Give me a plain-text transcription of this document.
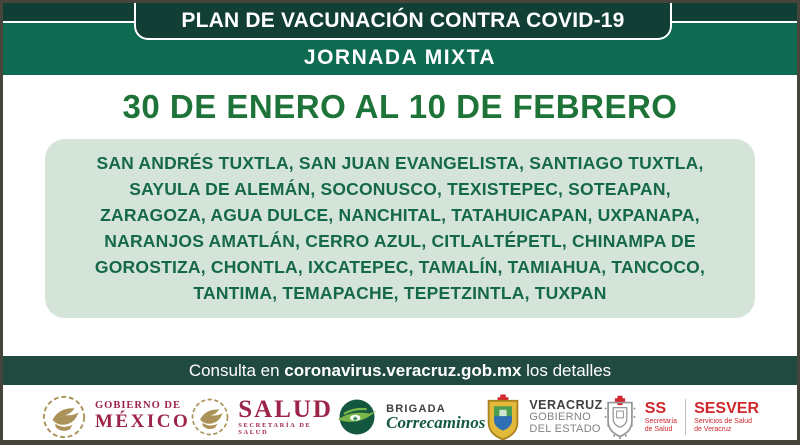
PLAN DE VACUNACIÓN CONTRA COVID-19
JORNADA MIXTA
30 DE ENERO AL 10 DE FEBRERO
SAN ANDRÉS TUXTLA, SAN JUAN EVANGELISTA, SANTIAGO TUXTLA,
SAYULA DE ALEMÁN, SOCONUSCO, TEXISTEPEC, SOTEAPAN,
ZARAGOZA, AGUA DULCE, NANCHITAL, TATAHUICAPAN, UXPANAPA,
NARANJOS AMATLÁN, CERRO AZUL, CITLALTÉPETL, CHINAMPA DE
GOROSTIZA, CHONTLA, IXCATEPEC, TAMALÍN, TAMIAHUA, TANCOCO,
TANTIMA, TEMAPACHE, TEPETZINTLA, TUXPAN
Consulta en coronavirus.veracruz.gob.mx los detalles
GOBIERNO DE
MÉXICO SALUD
SECRETARÍA DE SALUD
BRIGADA
Correcaminos
VERACRUZ
GOBIERNO
DEL ESTADO
SS
Secretaría
de Salud
SESVER
Servicios de Salud
de Veracruz
